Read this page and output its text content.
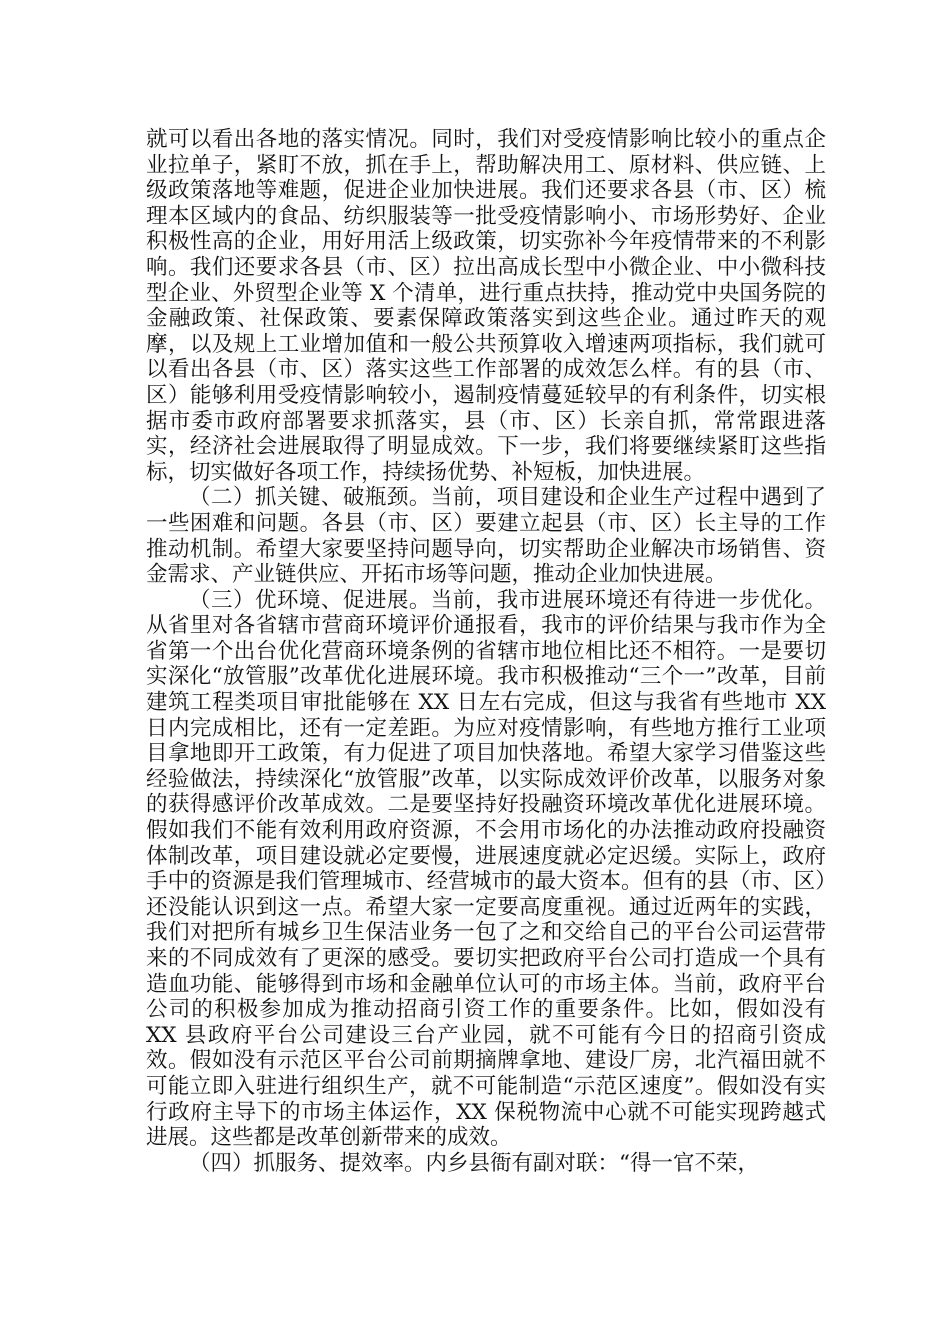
就可以看出各地的落实情况。同时，我们对受疫情影响比较小的重点企业拉单子，紧盯不放，抓在手上，帮助解决用工、原材料、供应链、上级政策落地等难题，促进企业加快进展。我们还要求各县（市、区）梳理本区域内的食品、纺织服装等一批受疫情影响小、市场形势好、企业积极性高的企业，用好用活上级政策，切实弥补今年疫情带来的不利影响。我们还要求各县（市、区）拉出高成长型中小微企业、中小微科技型企业、外贸型企业等 X 个清单，进行重点扶持，推动党中央国务院的金融政策、社保政策、要素保障政策落实到这些企业。通过昨天的观摩，以及规上工业增加值和一般公共预算收入增速两项指标，我们就可以看出各县（市、区）落实这些工作部署的成效怎么样。有的县（市、区）能够利用受疫情影响较小，遏制疫情蔓延较早的有利条件，切实根据市委市政府部署要求抓落实，县（市、区）长亲自抓，常常跟进落实，经济社会进展取得了明显成效。下一步，我们将要继续紧盯这些指标，切实做好各项工作，持续扬优势、补短板，加快进展。

（二）抓关键、破瓶颈。当前，项目建设和企业生产过程中遇到了一些困难和问题。各县（市、区）要建立起县（市、区）长主导的工作推动机制。希望大家要坚持问题导向，切实帮助企业解决市场销售、资金需求、产业链供应、开拓市场等问题，推动企业加快进展。

（三）优环境、促进展。当前，我市进展环境还有待进一步优化。从省里对各省辖市营商环境评价通报看，我市的评价结果与我市作为全省第一个出台优化营商环境条例的省辖市地位相比还不相符。一是要切实深化“放管服”改革优化进展环境。我市积极推动“三个一”改革，目前建筑工程类项目审批能够在 XX 日左右完成，但这与我省有些地市 XX 日内完成相比，还有一定差距。为应对疫情影响，有些地方推行工业项目拿地即开工政策，有力促进了项目加快落地。希望大家学习借鉴这些经验做法，持续深化“放管服”改革，以实际成效评价改革，以服务对象的获得感评价改革成效。二是要坚持好投融资环境改革优化进展环境。假如我们不能有效利用政府资源，不会用市场化的办法推动政府投融资体制改革，项目建设就必定要慢，进展速度就必定迟缓。实际上，政府手中的资源是我们管理城市、经营城市的最大资本。但有的县（市、区）还没能认识到这一点。希望大家一定要高度重视。通过近两年的实践，我们对把所有城乡卫生保洁业务一包了之和交给自己的平台公司运营带来的不同成效有了更深的感受。要切实把政府平台公司打造成一个具有造血功能、能够得到市场和金融单位认可的市场主体。当前，政府平台公司的积极参加成为推动招商引资工作的重要条件。比如，假如没有 XX 县政府平台公司建设三台产业园，就不可能有今日的招商引资成效。假如没有示范区平台公司前期摘牌拿地、建设厂房，北汽福田就不可能立即入驻进行组织生产，就不可能制造“示范区速度”。假如没有实行政府主导下的市场主体运作，XX 保税物流中心就不可能实现跨越式进展。这些都是改革创新带来的成效。

（四）抓服务、提效率。内乡县衙有副对联：“得一官不荣，
